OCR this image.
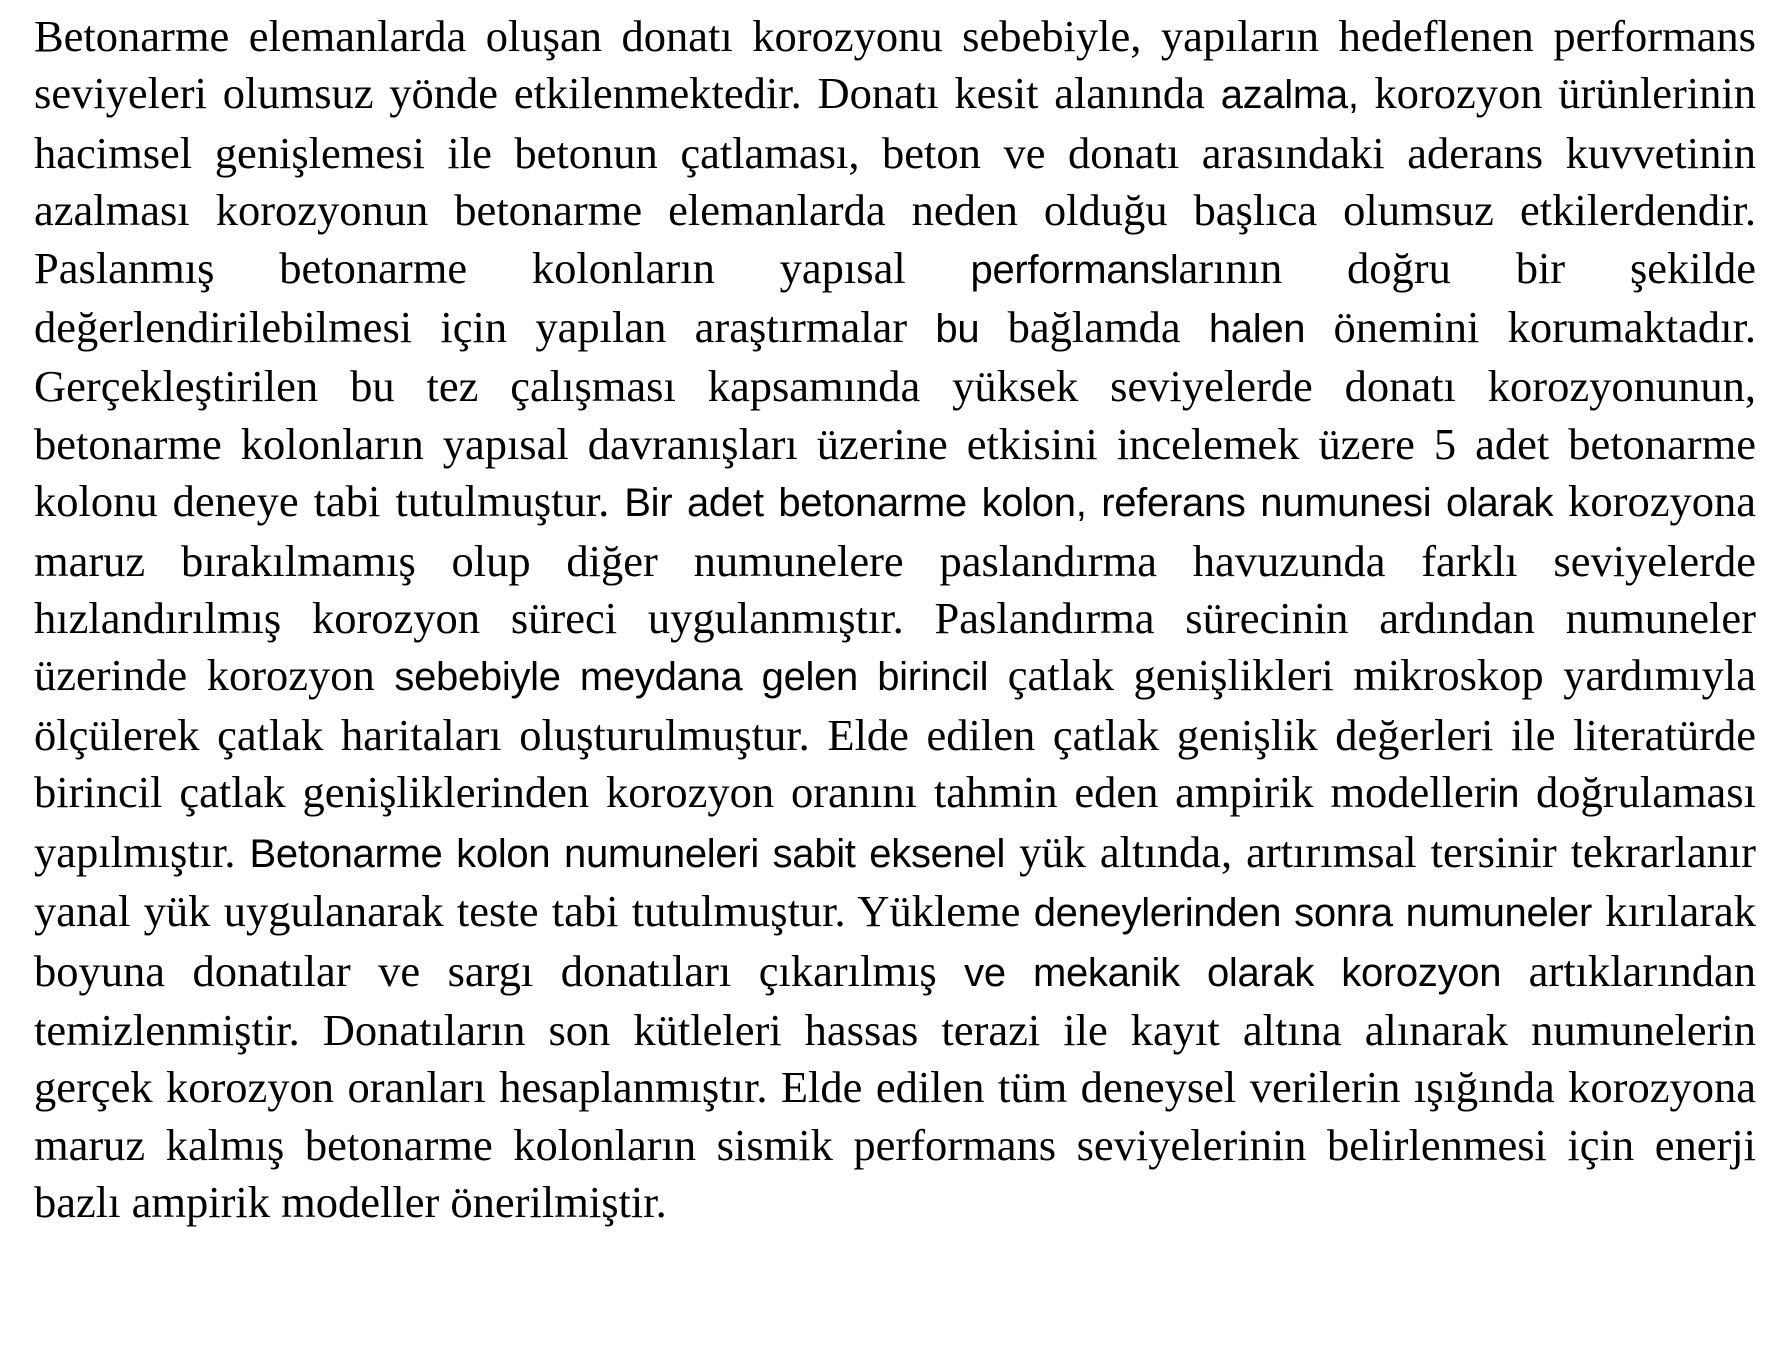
Betonarme elemanlarda oluşan donatı korozyonu sebebiyle, yapıların hedeflenen performans seviyeleri olumsuz yönde etkilenmektedir. Donatı kesit alanında azalma, korozyon ürünlerinin hacimsel genişlemesi ile betonun çatlaması, beton ve donatı arasındaki aderans kuvvetinin azalması korozyonun betonarme elemanlarda neden olduğu başlıca olumsuz etkilerdendir. Paslanmış betonarme kolonların yapısal performanslarının doğru bir şekilde değerlendirilebilmesi için yapılan araştırmalar bu bağlamda halen önemini korumaktadır. Gerçekleştirilen bu tez çalışması kapsamında yüksek seviyelerde donatı korozyonunun, betonarme kolonların yapısal davranışları üzerine etkisini incelemek üzere 5 adet betonarme kolonu deneye tabi tutulmuştur. Bir adet betonarme kolon, referans numunesi olarak korozyona maruz bırakılmamış olup diğer numunelere paslandırma havuzunda farklı seviyelerde hızlandırılmış korozyon süreci uygulanmıştır. Paslandırma sürecinin ardından numuneler üzerinde korozyon sebebiyle meydana gelen birincil çatlak genişlikleri mikroskop yardımıyla ölçülerek çatlak haritaları oluşturulmuştur. Elde edilen çatlak genişlik değerleri ile literatürde birincil çatlak genişliklerinden korozyon oranını tahmin eden ampirik modellerin doğrulaması yapılmıştır. Betonarme kolon numuneleri sabit eksenel yük altında, artırımsal tersinir tekrarlanır yanal yük uygulanarak teste tabi tutulmuştur. Yükleme deneylerinden sonra numuneler kırılarak boyuna donatılar ve sargı donatıları çıkarılmış ve mekanik olarak korozyon artıklarından temizlenmiştir. Donatıların son kütleleri hassas terazi ile kayıt altına alınarak numunelerin gerçek korozyon oranları hesaplanmıştır. Elde edilen tüm deneysel verilerin ışığında korozyona maruz kalmış betonarme kolonların sismik performans seviyelerinin belirlenmesi için enerji bazlı ampirik modeller önerilmiştir.
